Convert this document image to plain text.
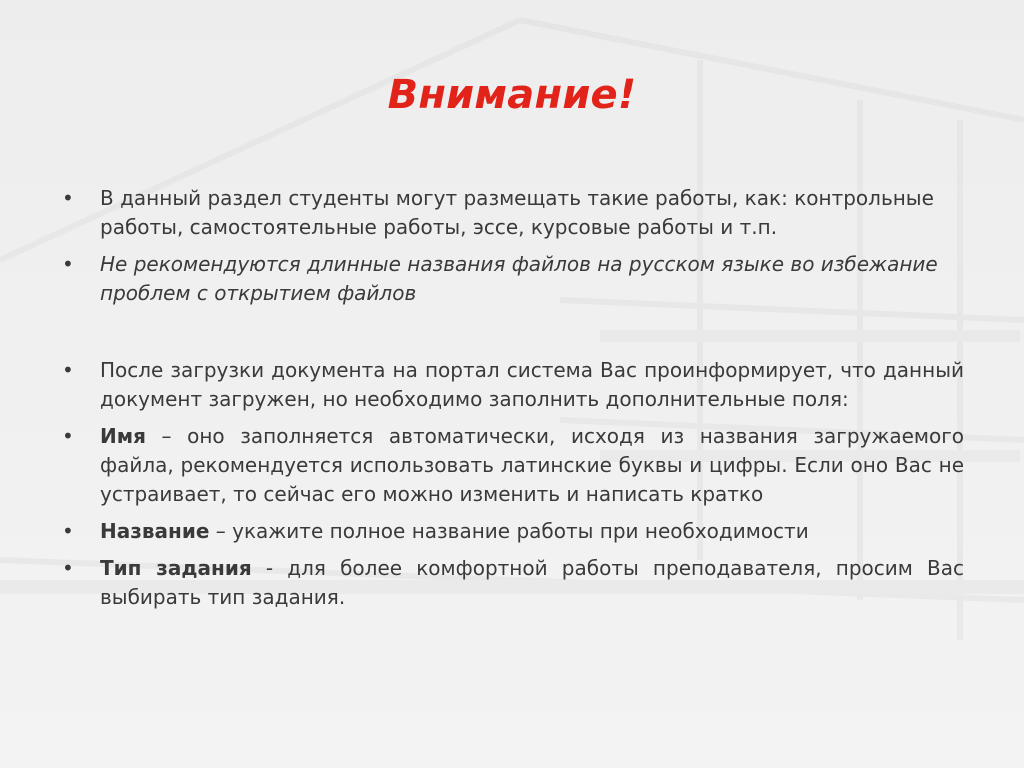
Внимание!
•	В данный раздел студенты могут размещать такие работы, как: контрольные работы, самостоятельные работы, эссе, курсовые работы и т.п.
•	Не рекомендуются длинные названия файлов на русском языке во избежание проблем с открытием файлов
•	После загрузки документа на портал система Вас проинформирует, что данный документ загружен, но необходимо заполнить дополнительные поля:
•	Имя – оно заполняется автоматически, исходя из названия загружаемого файла, рекомендуется использовать латинские буквы и цифры. Если оно Вас не устраивает, то сейчас его можно изменить и написать кратко
•	Название – укажите полное название работы при необходимости
•	Тип задания - для более комфортной работы преподавателя, просим Вас выбирать тип задания.
